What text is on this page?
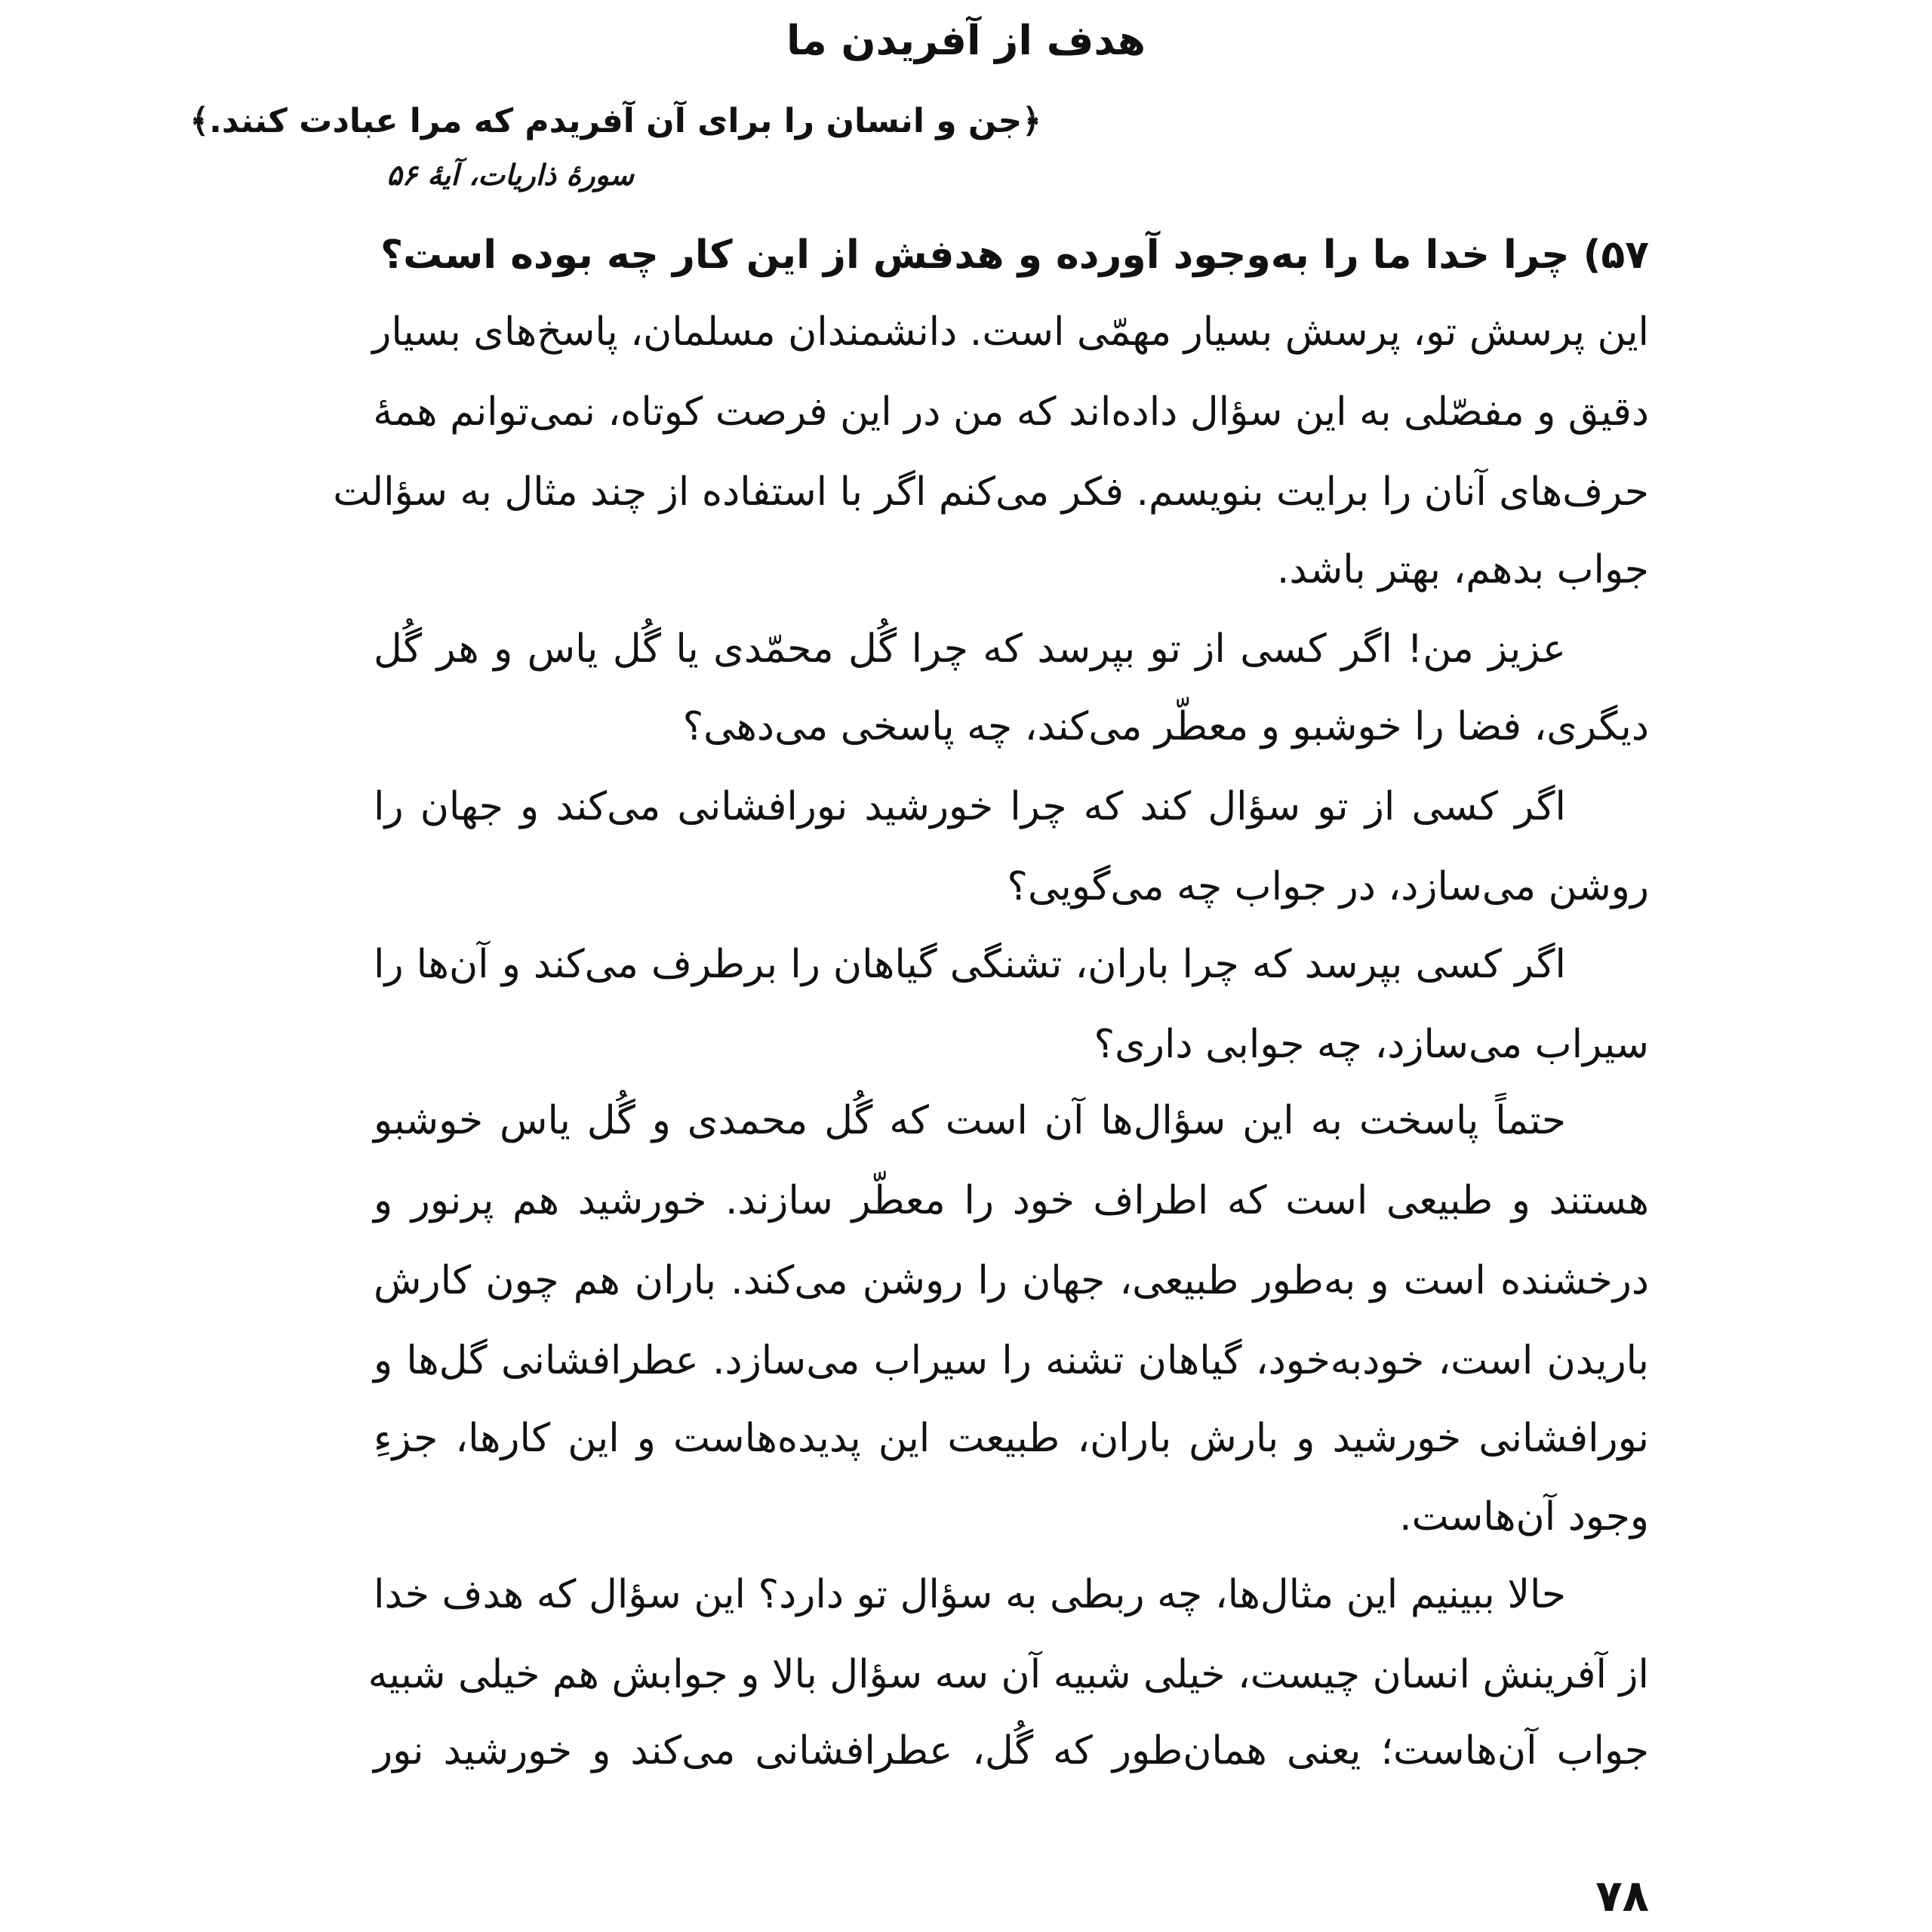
هدف از آفریدن ما
﴿جن و انسان را برای آن آفریدم که مرا عبادت کنند.﴾
سورهٔ ذاریات، آیهٔ ۵۶
۵۷) چرا خدا ما را به‌وجود آورده و هدفش از این کار چه بوده است؟
این پرسش تو، پرسش بسیار مهمّی است. دانشمندان مسلمان، پاسخ‌های بسیار
دقیق و مفصّلی به این سؤال داده‌اند که من در این فرصت کوتاه، نمی‌توانم همهٔ
حرف‌های آنان را برایت بنویسم. فکر می‌کنم اگر با استفاده از چند مثال به سؤالت
جواب بدهم، بهتر باشد.
عزیز من! اگر کسی از تو بپرسد که چرا گُل محمّدی یا گُل یاس و هر گُل
دیگری، فضا را خوشبو و معطّر می‌کند، چه پاسخی می‌دهی؟
اگر کسی از تو سؤال کند که چرا خورشید نورافشانی می‌کند و جهان را
روشن می‌سازد، در جواب چه می‌گویی؟
اگر کسی بپرسد که چرا باران، تشنگی گیاهان را برطرف می‌کند و آن‌ها را
سیراب می‌سازد، چه جوابی داری؟
حتماً پاسخت به این سؤال‌ها آن است که گُل محمدی و گُل یاس خوشبو
هستند و طبیعی است که اطراف خود را معطّر سازند. خورشید هم پرنور و
درخشنده است و به‌طور طبیعی، جهان را روشن می‌کند. باران هم چون کارش
باریدن است، خودبه‌خود، گیاهان تشنه را سیراب می‌سازد. عطرافشانی گل‌ها و
نورافشانی خورشید و بارش باران، طبیعت این پدیده‌هاست و این کارها، جزءِ
وجود آن‌هاست.
حالا ببینیم این مثال‌ها، چه ربطی به سؤال تو دارد؟ این سؤال که هدف خدا
از آفرینش انسان چیست، خیلی شبیه آن سه سؤال بالا و جوابش هم خیلی شبیه
جواب آن‌هاست؛ یعنی همان‌طور که گُل، عطرافشانی می‌کند و خورشید نور
۷۸
